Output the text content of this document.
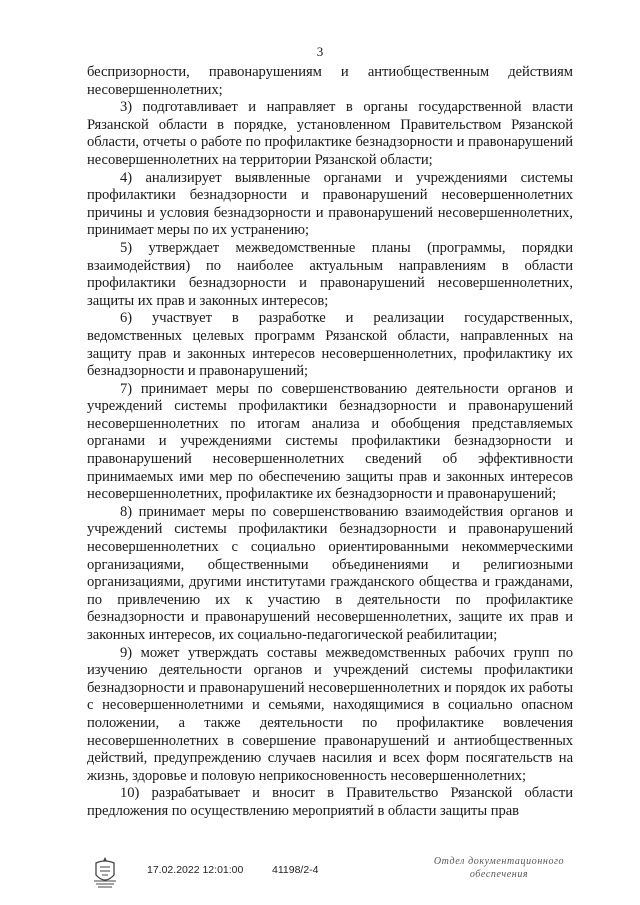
3

беспризорности, правонарушениям и антиобщественным действиям несовершеннолетних;

3) подготавливает и направляет в органы государственной власти Рязанской области в порядке, установленном Правительством Рязанской области, отчеты о работе по профилактике безнадзорности и правонарушений несовершеннолетних на территории Рязанской области;

4) анализирует выявленные органами и учреждениями системы профилактики безнадзорности и правонарушений несовершеннолетних причины и условия безнадзорности и правонарушений несовершеннолетних, принимает меры по их устранению;

5) утверждает межведомственные планы (программы, порядки взаимодействия) по наиболее актуальным направлениям в области профилактики безнадзорности и правонарушений несовершеннолетних, защиты их прав и законных интересов;

6) участвует в разработке и реализации государственных, ведомственных целевых программ Рязанской области, направленных на защиту прав и законных интересов несовершеннолетних, профилактику их безнадзорности и правонарушений;

7) принимает меры по совершенствованию деятельности органов и учреждений системы профилактики безнадзорности и правонарушений несовершеннолетних по итогам анализа и обобщения представляемых органами и учреждениями системы профилактики безнадзорности и правонарушений несовершеннолетних сведений об эффективности принимаемых ими мер по обеспечению защиты прав и законных интересов несовершеннолетних, профилактике их безнадзорности и правонарушений;

8) принимает меры по совершенствованию взаимодействия органов и учреждений системы профилактики безнадзорности и правонарушений несовершеннолетних с социально ориентированными некоммерческими организациями, общественными объединениями и религиозными организациями, другими институтами гражданского общества и гражданами, по привлечению их к участию в деятельности по профилактике безнадзорности и правонарушений несовершеннолетних, защите их прав и законных интересов, их социально-педагогической реабилитации;

9) может утверждать составы межведомственных рабочих групп по изучению деятельности органов и учреждений системы профилактики безнадзорности и правонарушений несовершеннолетних и порядок их работы с несовершеннолетними и семьями, находящимися в социально опасном положении, а также деятельности по профилактике вовлечения несовершеннолетних в совершение правонарушений и антиобщественных действий, предупреждению случаев насилия и всех форм посягательств на жизнь, здоровье и половую неприкосновенность несовершеннолетних;

10) разрабатывает и вносит в Правительство Рязанской области предложения по осуществлению мероприятий в области защиты прав

17.02.2022 12:01:00	41198/2-4
Отдел документационного
обеспечения
